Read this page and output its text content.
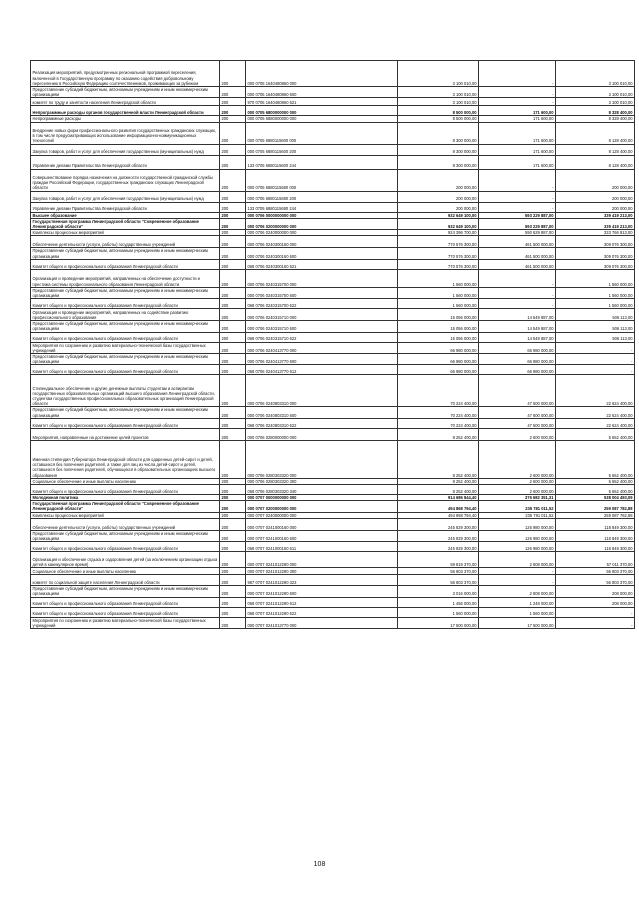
Реализация мероприятий, предусмотренных региональной программой переселения, включенной в Государственную программу по оказанию содействия добровольному переселению в Российскую Федерацию соотечественников, проживающих за рубежом	200	000 0705 1640480860 000	3 100 010,00	-	3 100 010,00
Предоставление субсидий бюджетным, автономным учреждениям и иным некоммерческим организациям	200	000 0705 1640480860 600	3 100 010,00	-	3 100 010,00
комитет по труду и занятости населения Ленинградской области	200	970 0705 1640480860 621	3 100 010,00	-	3 100 010,00
Непрограммные расходы органов государственной власти Ленинградской области	200	000 0705 6800000000 000	8 500 000,00	171 600,00	8 328 400,00
Непрограммные расходы	200	000 0705 6880000000 000	8 500 000,00	171 600,00	8 328 400,00
Внедрение новых форм профессионального развития государственных гражданских служащих, в том числе предусматривающих использование информационно-коммуникационных технологий	200	000 0705 6880115600 000	8 300 000,00	171 600,00	8 128 400,00
Закупка товаров, работ и услуг для обеспечения государственных (муниципальных) нужд	200	000 0705 6880115600 200	8 300 000,00	171 600,00	8 128 400,00
Управление делами Правительства Ленинградской области	200	133 0705 6880115600 244	8 300 000,00	171 600,00	8 128 400,00
Совершенствование порядка назначения на должности государственной гражданской службы граждан Российской Федерации, государственных гражданских служащих Ленинградской области	200	000 0705 6880115680 000	200 000,00	-	200 000,00
Закупка товаров, работ и услуг для обеспечения государственных (муниципальных) нужд	200	000 0705 6880115680 200	200 000,00	-	200 000,00
Управление делами Правительства Ленинградской области	200	133 0705 6880115680 244	200 000,00	-	200 000,00
Высшее образование	200	000 0706 0000000000 000	932 649 100,00	593 229 887,00	339 419 213,00
Государственная программа Ленинградской области "Современное образование Ленинградской области"	200	000 0706 0200000000 000	932 649 100,00	593 229 887,00	339 419 213,00
Комплексы процессных мероприятий	200	000 0706 0240000000 000	924 396 700,00	590 629 887,00	333 766 813,00
Обеспечение деятельности (услуги, работы) государственных учреждений	200	000 0706 0240300160 000	770 576 300,00	461 500 000,00	309 076 300,00
Предоставление субсидий бюджетным, автономным учреждениям и иным некоммерческим организациям	200	000 0706 0240300160 600	770 576 300,00	461 500 000,00	309 076 300,00
Комитет общего и профессионального образования Ленинградской области	200	068 0706 0240300160 621	770 576 300,00	461 500 000,00	309 076 300,00
Организация и проведение мероприятий, направленных на обеспечение доступности и престижа системы профессионального образования Ленинградской области	200	000 0706 0240315700 000	1 560 000,00	-	1 560 000,00
Предоставление субсидий бюджетным, автономным учреждениям и иным некоммерческим организациям	200	000 0706 0240315700 600	1 560 000,00	-	1 560 000,00
Комитет общего и профессионального образования Ленинградской области	200	068 0706 0240315700 622	1 560 000,00	-	1 560 000,00
Организация и проведение мероприятий, направленных на содействие развитию профессионального образования	200	000 0706 0240315710 000	15 056 000,00	14 549 887,00	506 113,00
Предоставление субсидий бюджетным, автономным учреждениям и иным некоммерческим организациям	200	000 0706 0240315710 600	15 056 000,00	14 549 887,00	506 113,00
Комитет общего и профессионального образования Ленинградской области	200	068 0706 0240315710 622	15 056 000,00	14 549 887,00	506 113,00
Мероприятия по сохранению и развитию материально-технической базы государственных учреждений	200	000 0706 0240413770 000	66 980 000,00	66 980 000,00	-
Предоставление субсидий бюджетным, автономным учреждениям и иным некоммерческим организациям	200	000 0706 0240413770 600	66 980 000,00	66 980 000,00	-
Комитет общего и профессионального образования Ленинградской области	200	068 0706 0240413770 612	66 980 000,00	66 980 000,00	-
Стипендиальное обеспечение и другие денежные выплаты студентам и аспирантам государственных образовательных организаций высшего образования Ленинградской области, студентам государственных профессиональных образовательных организаций Ленинградской области	200	000 0706 0240803310 000	70 224 400,00	47 600 000,00	22 624 400,00
Предоставление субсидий бюджетным, автономным учреждениям и иным некоммерческим организациям	200	000 0706 0240803310 600	70 224 400,00	47 600 000,00	22 624 400,00
Комитет общего и профессионального образования Ленинградской области	200	068 0706 0240803310 622	70 224 400,00	47 600 000,00	22 624 400,00
Мероприятия, направленные на достижение целей проектов	200	000 0706 0280000000 000	8 252 400,00	2 600 000,00	5 652 400,00
Именная стипендия Губернатора Ленинградской области для одаренных детей-сирот и детей, оставшихся без попечения родителей, а также для лиц из числа детей-сирот и детей, оставшихся без попечения родителей, обучающихся в образовательных организациях высшего образования	200	000 0706 0280303320 000	8 252 400,00	2 600 000,00	5 652 400,00
Социальное обеспечение и иные выплаты населению	200	000 0706 0280303320 300	8 252 400,00	2 600 000,00	5 652 400,00
Комитет общего и профессионального образования Ленинградской области	200	068 0706 0280303320 340	8 252 400,00	2 600 000,00	5 652 400,00
Молодежная политика	200	000 0707 0000000000 000	914 686 844,40	376 682 351,31	538 004 493,09
Государственная программа Ленинградской области "Современное образование Ленинградской области"	200	000 0707 0200000000 000	494 868 794,40	235 781 011,52	259 087 782,88
Комплексы процессных мероприятий	200	000 0707 0240000000 000	494 868 794,40	235 781 011,52	259 087 782,88
Обеспечение деятельности (услуги, работы) государственных учреждений	200	000 0707 0241000160 000	245 829 300,00	126 980 000,00	118 849 300,00
Предоставление субсидий бюджетным, автономным учреждениям и иным некоммерческим организациям	200	000 0707 0241000160 600	245 829 300,00	126 980 000,00	118 849 300,00
Комитет общего и профессионального образования Ленинградской области	200	068 0707 0241000160 611	245 829 300,00	126 980 000,00	118 849 300,00
Организация и обеспечение отдыха и оздоровления детей (за исключением организации отдыха детей в каникулярное время)	200	000 0707 0241012290 000	59 819 370,00	2 808 000,00	57 011 370,00
Социальное обеспечение и иные выплаты населению	200	000 0707 0241012290 300	56 803 370,00	-	56 803 370,00
комитет по социальной защите населения Ленинградской области	200	987 0707 0241012290 323	56 803 370,00	-	56 803 370,00
Предоставление субсидий бюджетным, автономным учреждениям и иным некоммерческим организациям	200	000 0707 0241012290 600	3 016 000,00	2 808 000,00	208 000,00
Комитет общего и профессионального образования Ленинградской области	200	068 0707 0241012290 612	1 456 000,00	1 248 000,00	208 000,00
Комитет общего и профессионального образования Ленинградской области	200	068 0707 0241012290 622	1 560 000,00	1 560 000,00	-
Мероприятия по сохранению и развитию материально-технической базы государственных учреждений	200	000 0707 0241013770 000	17 500 000,00	17 500 000,00	-
108
